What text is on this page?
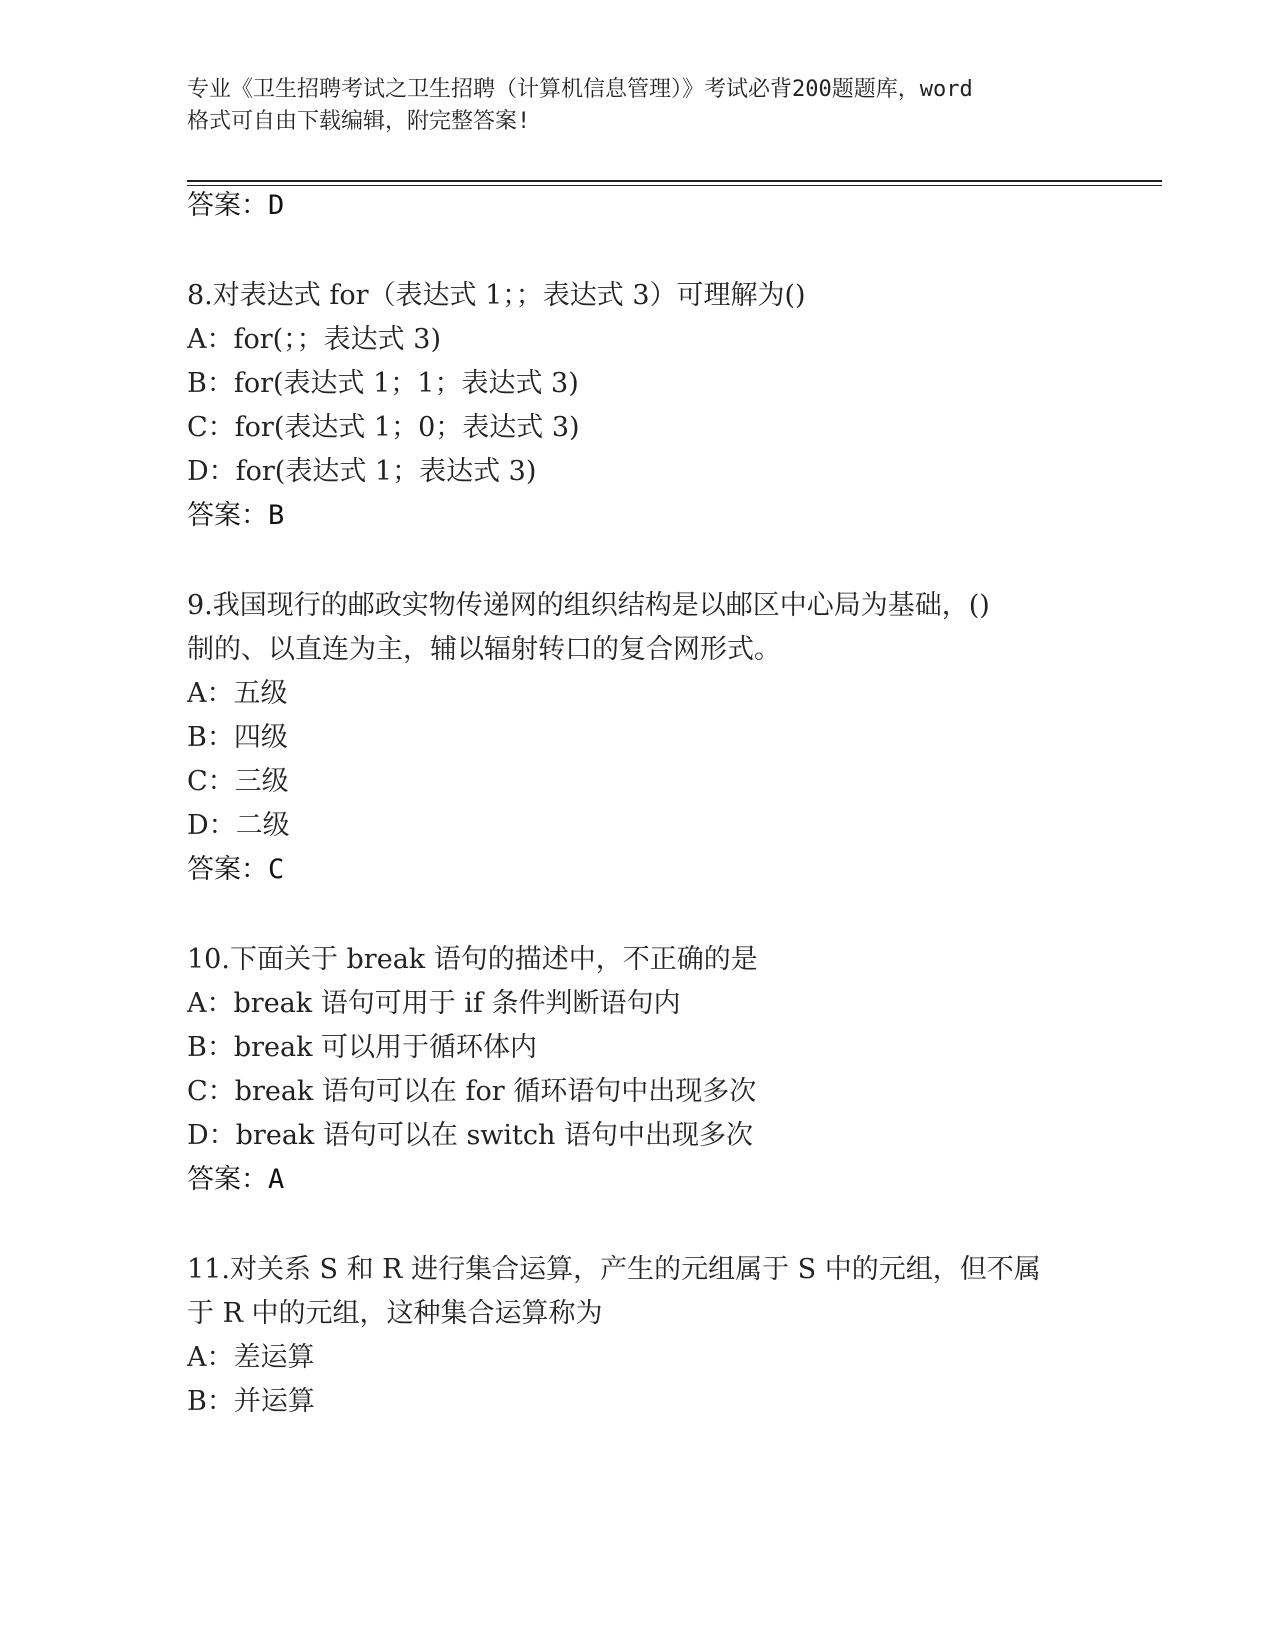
专业《卫生招聘考试之卫生招聘（计算机信息管理）》考试必背200题题库，word
格式可自由下载编辑，附完整答案!
答案：D
8.对表达式 for（表达式 1；；表达式 3）可理解为()
A：for(；；表达式 3)
B：for(表达式 1；1；表达式 3)
C：for(表达式 1；0；表达式 3)
D：for(表达式 1；表达式 3)
答案：B
9.我国现行的邮政实物传递网的组织结构是以邮区中心局为基础，()
制的、以直连为主，辅以辐射转口的复合网形式。
A：五级
B：四级
C：三级
D：二级
答案：C
10.下面关于 break 语句的描述中，不正确的是
A：break 语句可用于 if 条件判断语句内
B：break 可以用于循环体内
C：break 语句可以在 for 循环语句中出现多次
D：break 语句可以在 switch 语句中出现多次
答案：A
11.对关系 S 和 R 进行集合运算，产生的元组属于 S 中的元组，但不属
于 R 中的元组，这种集合运算称为
A：差运算
B：并运算
